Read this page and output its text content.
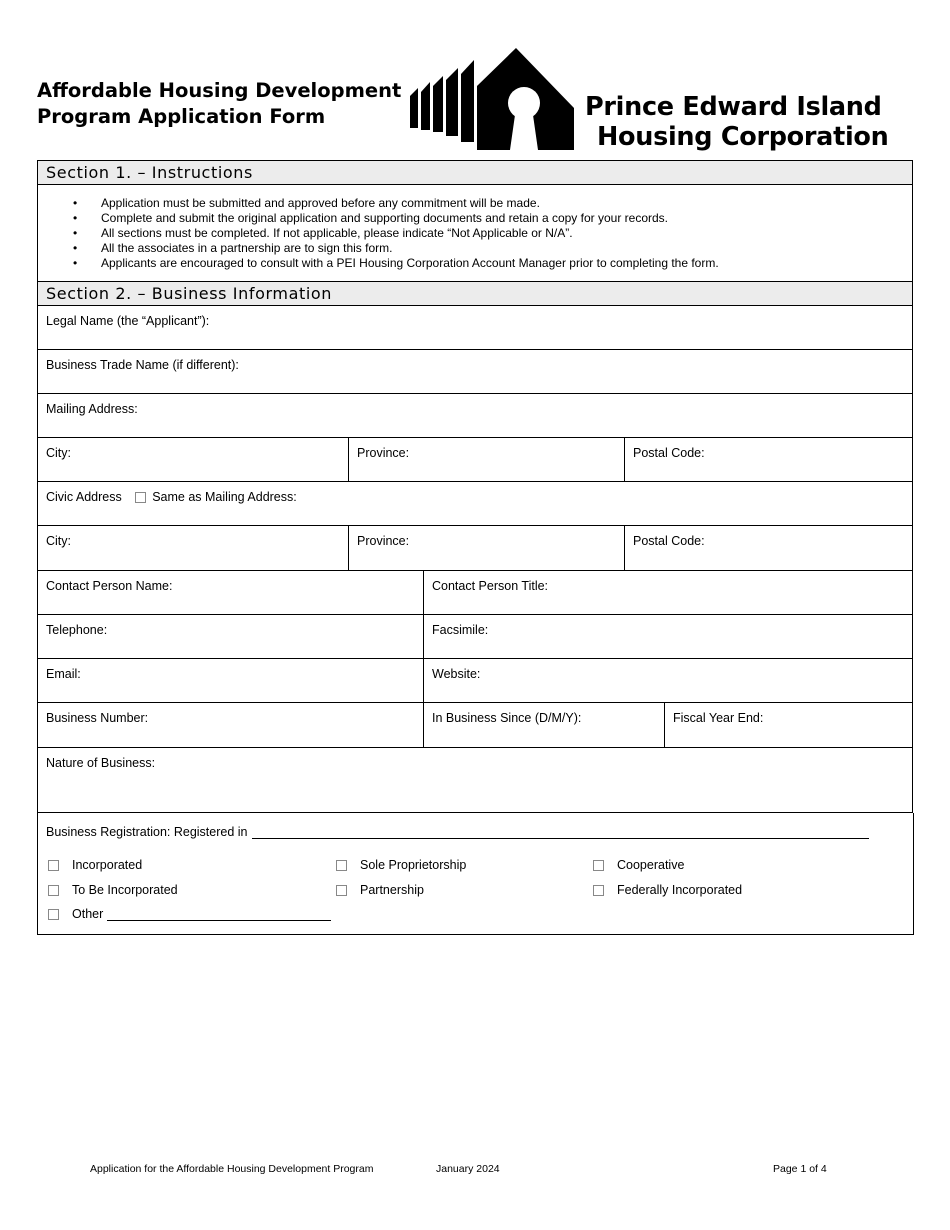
Affordable Housing Development
Program Application Form	Prince Edward Island
Housing Corporation
Section 1. – Instructions
• Application must be submitted and approved before any commitment will be made.
• Complete and submit the original application and supporting documents and retain a copy for your records.
• All sections must be completed. If not applicable, please indicate “Not Applicable or N/A”.
• All the associates in a partnership are to sign this form.
• Applicants are encouraged to consult with a PEI Housing Corporation Account Manager prior to completing the form.
Section 2. – Business Information
Legal Name (the “Applicant”):
Business Trade Name (if different):
Mailing Address:
City:	Province:	Postal Code:
Civic Address Same as Mailing Address:
City:	Province:	Postal Code:
Contact Person Name:	Contact Person Title:
Telephone:	Facsimile:
Email:	Website:
Business Number:	In Business Since (D/M/Y):	Fiscal Year End:
Nature of Business:
Business Registration: Registered in
Incorporated	Sole Proprietorship	Cooperative
To Be Incorporated	Partnership	Federally Incorporated
Other
Application for the Affordable Housing Development Program	January 2024	Page 1 of 4
